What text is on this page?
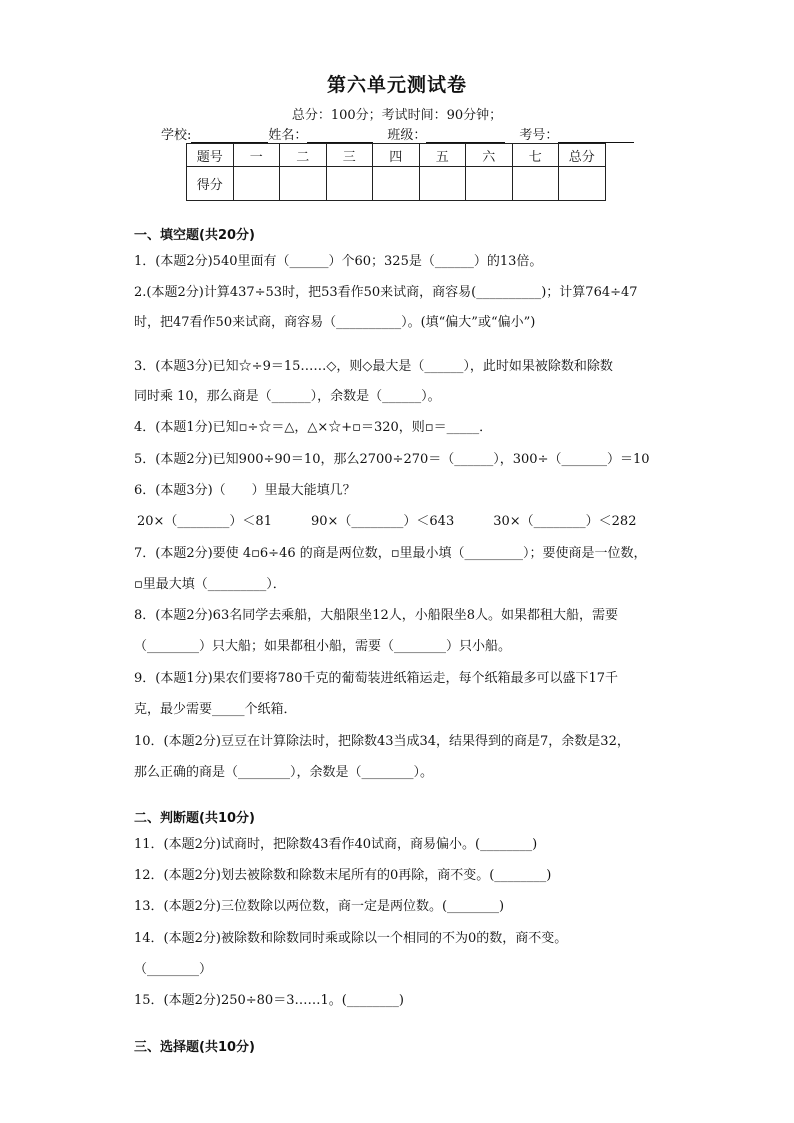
第六单元测试卷
总分：100分；考试时间：90分钟；
学校:	姓名：	班级：	考号：
题号	一	二	三	四	五	六	七	总分
得分								
一、填空题(共20分)
1．(本题2分)540里面有（______）个60；325是（______）的13倍。
2.(本题2分)计算437÷53时，把53看作50来试商，商容易(__________)；计算764÷47
时，把47看作50来试商，商容易（__________）。(填“偏大”或“偏小”)
3．(本题3分)已知☆÷9＝15……◇，则◇最大是（______），此时如果被除数和除数
同时乘 10，那么商是（______），余数是（______）。
4．(本题1分)已知▫÷☆＝△，△×☆+▫＝320，则▫＝_____．
5．(本题2分)已知900÷90＝10，那么2700÷270＝（______），300÷（_______）＝10
6．(本题3分)（　　）里最大能填几？
20×（________）＜81　　　90×（________）＜643　　　30×（________）＜282
7．(本题2分)要使 4▫6÷46 的商是两位数，▫里最小填（_________）；要使商是一位数，
▫里最大填（_________）．
8．(本题2分)63名同学去乘船，大船限坐12人，小船限坐8人。如果都租大船，需要
（________）只大船；如果都租小船，需要（________）只小船。
9．(本题1分)果农们要将780千克的葡萄装进纸箱运走，每个纸箱最多可以盛下17千
克，最少需要_____个纸箱．
10．(本题2分)豆豆在计算除法时，把除数43当成34，结果得到的商是7，余数是32，
那么正确的商是（________），余数是（________）。
二、判断题(共10分)
11．(本题2分)试商时，把除数43看作40试商，商易偏小。(________)
12．(本题2分)划去被除数和除数末尾所有的0再除，商不变。(________)
13．(本题2分)三位数除以两位数，商一定是两位数。(________)
14．(本题2分)被除数和除数同时乘或除以一个相同的不为0的数，商不变。
（________）
15．(本题2分)250÷80＝3……1。(________)
三、选择题(共10分)
